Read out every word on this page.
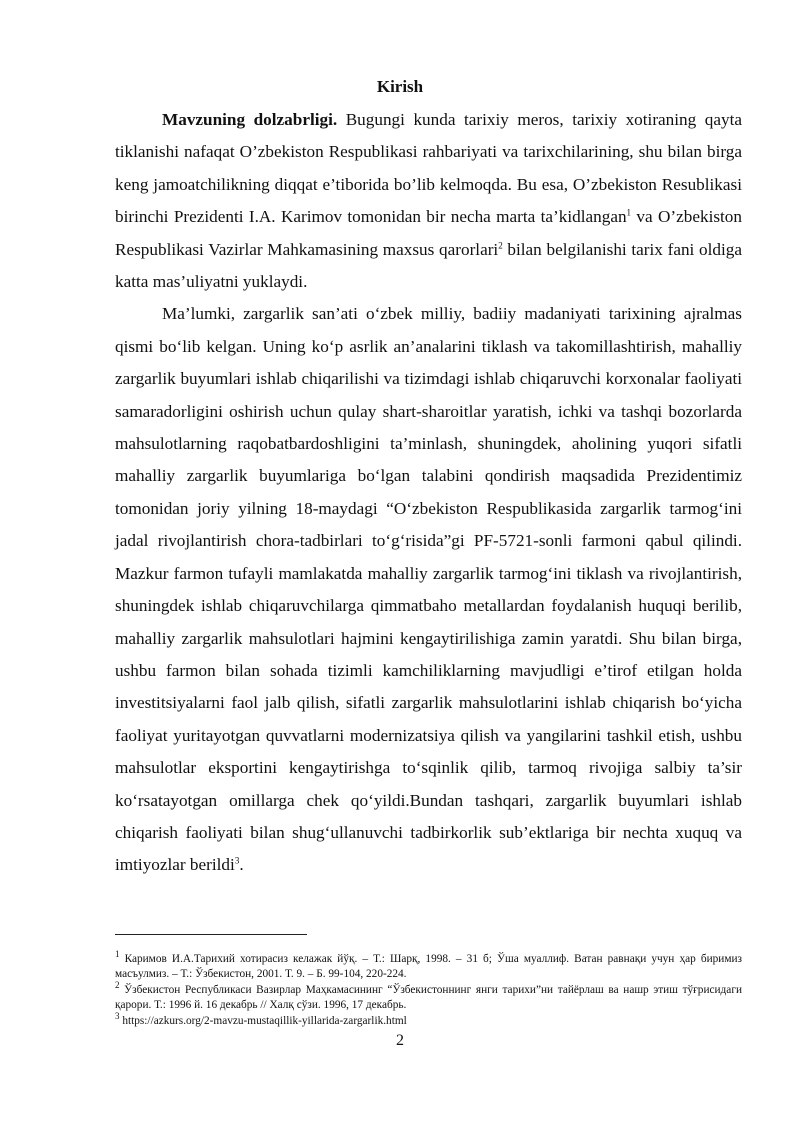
Kirish

Mavzuning dolzabrligi. Bugungi kunda tarixiy meros, tarixiy xotiraning qayta tiklanishi nafaqat O’zbekiston Respublikasi rahbariyati va tarixchilarining, shu bilan birga keng jamoatchilikning diqqat e’tiborida bo’lib kelmoqda. Bu esa, O’zbekiston Resublikasi birinchi Prezidenti I.A. Karimov tomonidan bir necha marta ta’kidlangan$^1$ va O’zbekiston Respublikasi Vazirlar Mahkamasining maxsus qarorlari$^2$ bilan belgilanishi tarix fani oldiga katta mas’uliyatni yuklaydi.

Ma’lumki, zargarlik san’ati o‘zbek milliy, badiiy madaniyati tarixining ajralmas qismi bo‘lib kelgan. Uning ko‘p asrlik an’analarini tiklash va takomillashtirish, mahalliy zargarlik buyumlari ishlab chiqarilishi va tizimdagi ishlab chiqaruvchi korxonalar faoliyati samaradorligini oshirish uchun qulay shart-sharoitlar yaratish, ichki va tashqi bozorlarda mahsulotlarning raqobatbardoshligini ta’minlash, shuningdek, aholining yuqori sifatli mahalliy zargarlik buyumlariga bo‘lgan talabini qondirish maqsadida Prezidentimiz tomonidan joriy yilning 18-maydagi “O‘zbekiston Respublikasida zargarlik tarmog‘ini jadal rivojlantirish chora-tadbirlari to‘g‘risida”gi PF-5721-sonli farmoni qabul qilindi. Mazkur farmon tufayli mamlakatda mahalliy zargarlik tarmog‘ini tiklash va rivojlantirish, shuningdek ishlab chiqaruvchilarga qimmatbaho metallardan foydalanish huquqi berilib, mahalliy zargarlik mahsulotlari hajmini kengaytirilishiga zamin yaratdi. Shu bilan birga, ushbu farmon bilan sohada tizimli kamchiliklarning mavjudligi e’tirof etilgan holda investitsiyalarni faol jalb qilish, sifatli zargarlik mahsulotlarini ishlab chiqarish bo‘yicha faoliyat yuritayotgan quvvatlarni modernizatsiya qilish va yangilarini tashkil etish, ushbu mahsulotlar eksportini kengaytirishga to‘sqinlik qilib, tarmoq rivojiga salbiy ta’sir ko‘rsatayotgan omillarga chek qo‘yildi.Bundan tashqari, zargarlik buyumlari ishlab chiqarish faoliyati bilan shug‘ullanuvchi tadbirkorlik sub’ektlariga bir nechta xuquq va imtiyozlar berildi$^3$.

$^1$ Каримов И.А.Тарихий хотирасиз келажак йўқ. – Т.: Шарқ, 1998. – 31 б; Ўша муаллиф. Ватан равнақи учун ҳар биримиз масъулмиз. – Т.: Ўзбекистон, 2001. Т. 9. – Б. 99-104, 220-224.
$^2$ Ўзбекистон Республикаси Вазирлар Маҳкамасининг “Ўзбекистоннинг янги тарихи”ни тайёрлаш ва нашр этиш тўғрисидаги қарори. Т.: 1996 й. 16 декабрь // Халқ сўзи. 1996, 17 декабрь.
$^3$ https://azkurs.org/2-mavzu-mustaqillik-yillarida-zargarlik.html
2
